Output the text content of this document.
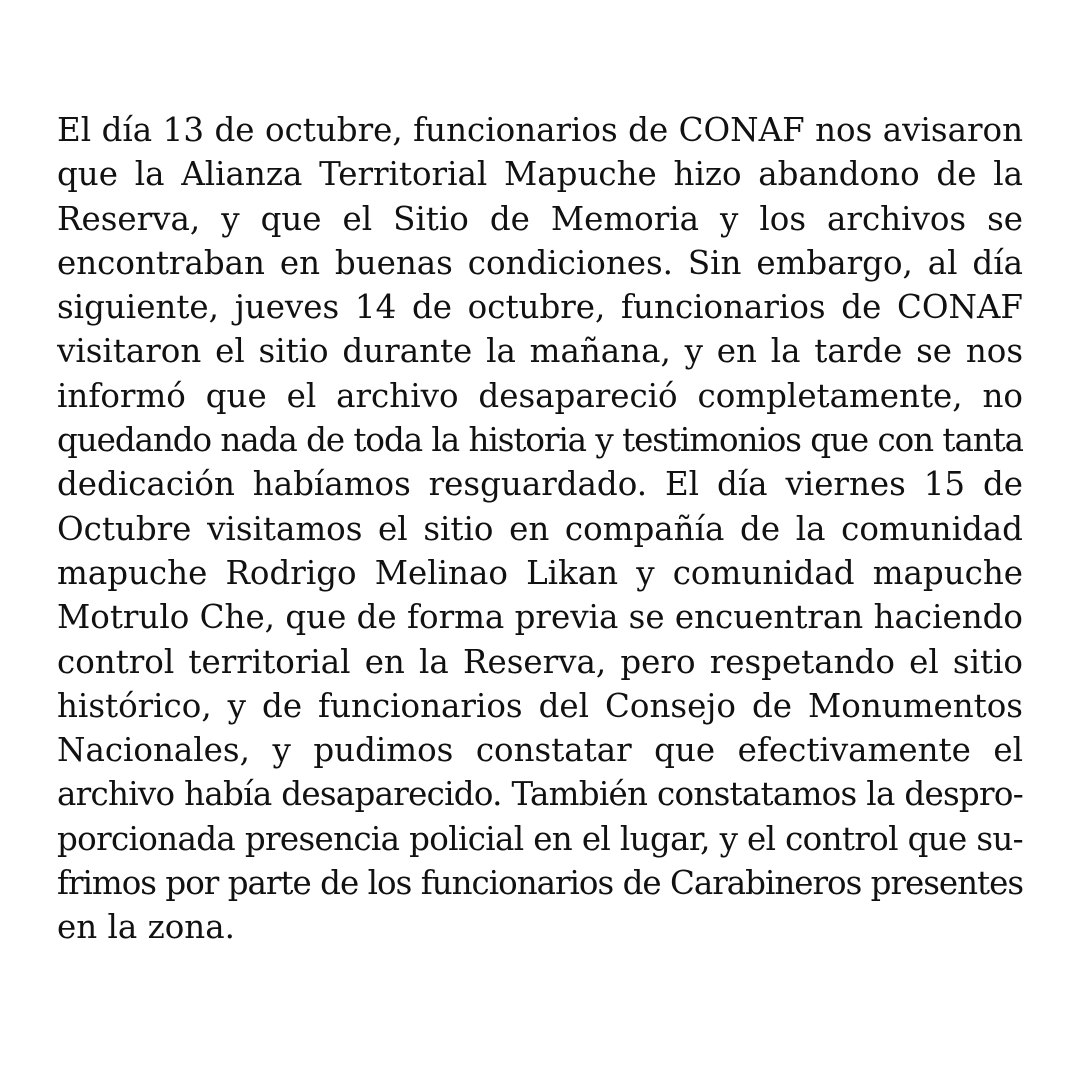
El día 13 de octubre, funcionarios de CONAF nos avisaron
que la Alianza Territorial Mapuche hizo abandono de la
Reserva, y que el Sitio de Memoria y los archivos se
encontraban en buenas condiciones. Sin embargo, al día
siguiente, jueves 14 de octubre, funcionarios de CONAF
visitaron el sitio durante la mañana, y en la tarde se nos
informó que el archivo desapareció completamente, no
quedando nada de toda la historia y testimonios que con tanta
dedicación habíamos resguardado. El día viernes 15 de
Octubre visitamos el sitio en compañía de la comunidad
mapuche Rodrigo Melinao Likan y comunidad mapuche
Motrulo Che, que de forma previa se encuentran haciendo
control territorial en la Reserva, pero respetando el sitio
histórico, y de funcionarios del Consejo de Monumentos
Nacionales, y pudimos constatar que efectivamente el
archivo había desaparecido. También constatamos la despro-
porcionada presencia policial en el lugar, y el control que su-
frimos por parte de los funcionarios de Carabineros presentes
en la zona.
